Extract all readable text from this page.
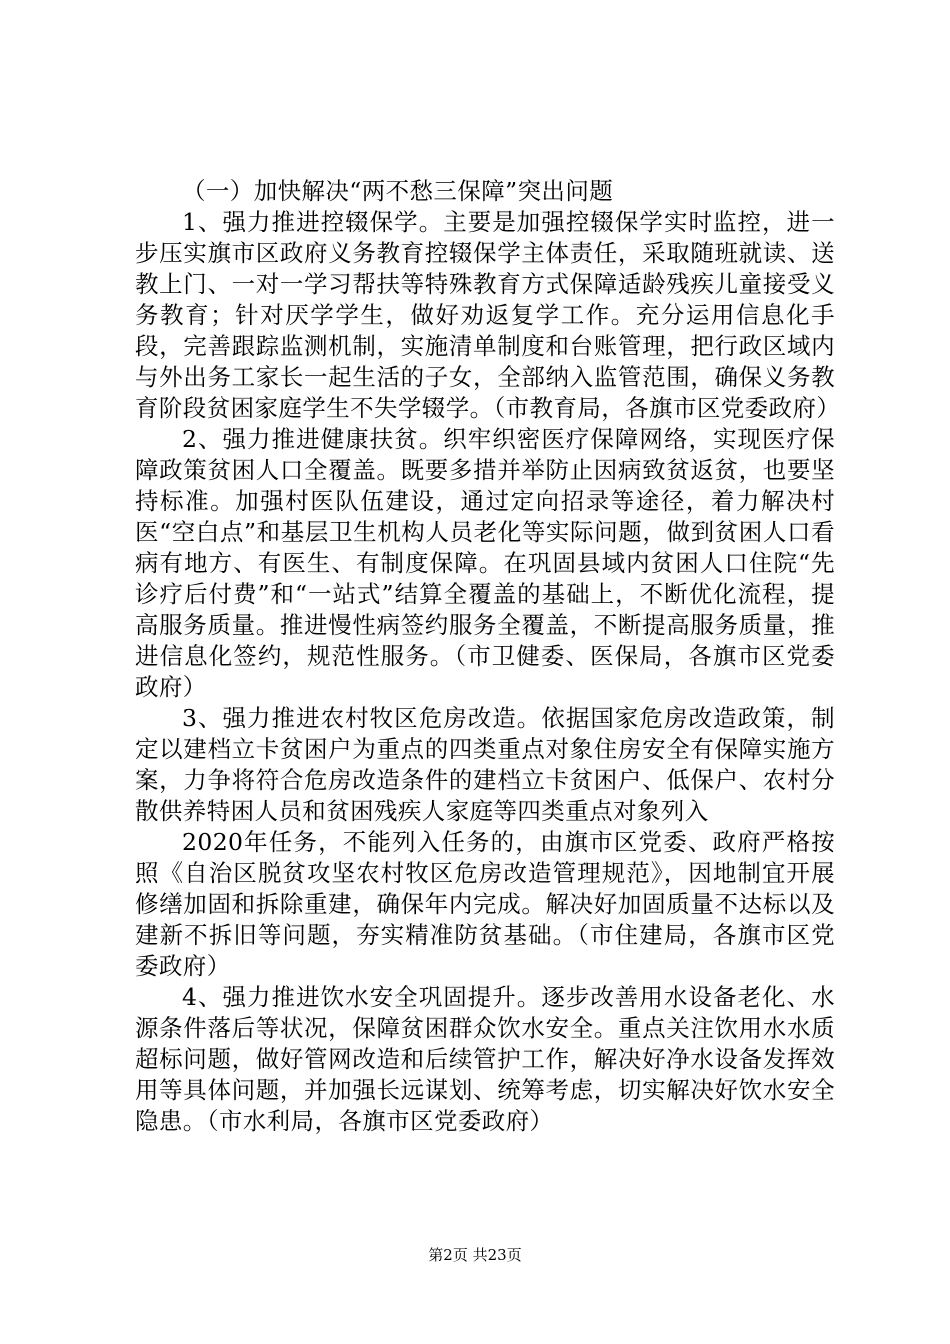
（一）加快解决“两不愁三保障”突出问题

1、强力推进控辍保学。主要是加强控辍保学实时监控，进一步压实旗市区政府义务教育控辍保学主体责任，采取随班就读、送教上门、一对一学习帮扶等特殊教育方式保障适龄残疾儿童接受义务教育；针对厌学学生，做好劝返复学工作。充分运用信息化手段，完善跟踪监测机制，实施清单制度和台账管理，把行政区域内与外出务工家长一起生活的子女，全部纳入监管范围，确保义务教育阶段贫困家庭学生不失学辍学。（市教育局，各旗市区党委政府）

2、强力推进健康扶贫。织牢织密医疗保障网络，实现医疗保障政策贫困人口全覆盖。既要多措并举防止因病致贫返贫，也要坚持标准。加强村医队伍建设，通过定向招录等途径，着力解决村医“空白点”和基层卫生机构人员老化等实际问题，做到贫困人口看病有地方、有医生、有制度保障。在巩固县域内贫困人口住院“先诊疗后付费”和“一站式”结算全覆盖的基础上，不断优化流程，提高服务质量。推进慢性病签约服务全覆盖，不断提高服务质量，推进信息化签约，规范性服务。（市卫健委、医保局，各旗市区党委政府）

3、强力推进农村牧区危房改造。依据国家危房改造政策，制定以建档立卡贫困户为重点的四类重点对象住房安全有保障实施方案，力争将符合危房改造条件的建档立卡贫困户、低保户、农村分散供养特困人员和贫困残疾人家庭等四类重点对象列入

2020年任务，不能列入任务的，由旗市区党委、政府严格按照《自治区脱贫攻坚农村牧区危房改造管理规范》，因地制宜开展修缮加固和拆除重建，确保年内完成。解决好加固质量不达标以及建新不拆旧等问题，夯实精准防贫基础。（市住建局，各旗市区党委政府）

4、强力推进饮水安全巩固提升。逐步改善用水设备老化、水源条件落后等状况，保障贫困群众饮水安全。重点关注饮用水水质超标问题，做好管网改造和后续管护工作，解决好净水设备发挥效用等具体问题，并加强长远谋划、统筹考虑，切实解决好饮水安全隐患。（市水利局，各旗市区党委政府）

第2页 共23页
